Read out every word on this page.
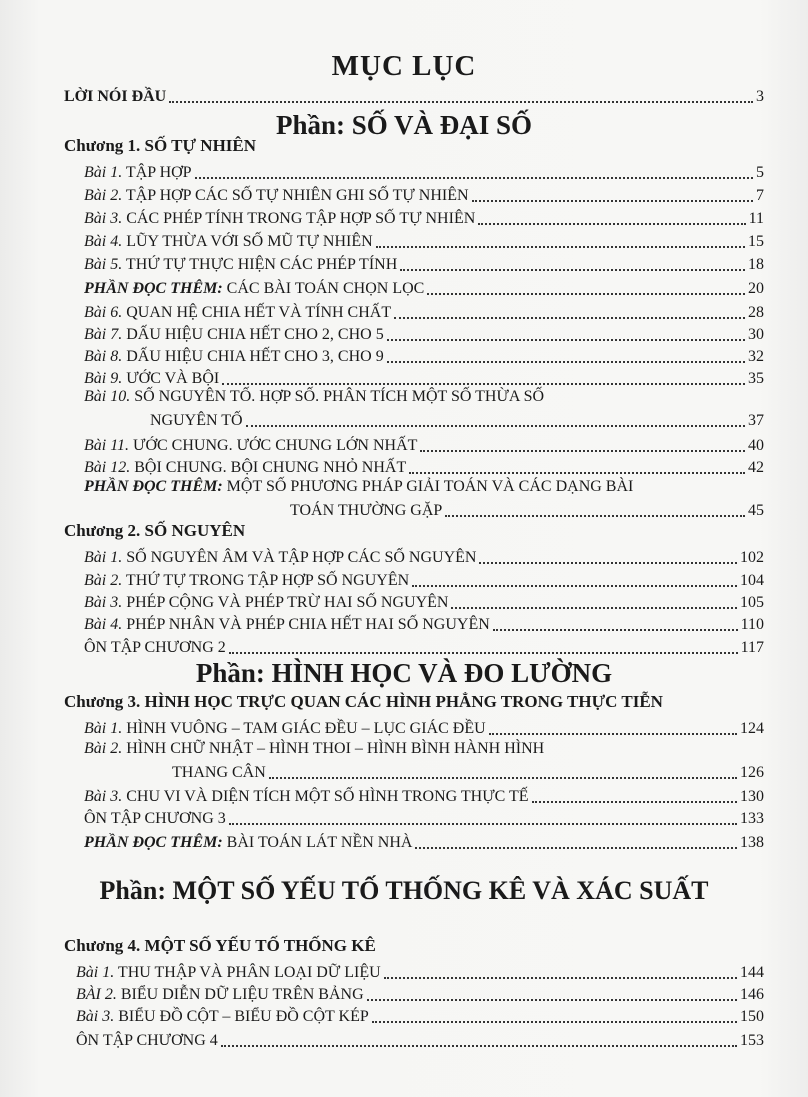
MỤC LỤC
LỜI NÓI ĐẦU	3
Phần: SỐ VÀ ĐẠI SỐ
Chương 1. SỐ TỰ NHIÊN
Bài 1. TẬP HỢP	5
Bài 2. TẬP HỢP CÁC SỐ TỰ NHIÊN GHI SỐ TỰ NHIÊN	7
Bài 3. CÁC PHÉP TÍNH TRONG TẬP HỢP SỐ TỰ NHIÊN	11
Bài 4. LŨY THỪA VỚI SỐ MŨ TỰ NHIÊN	15
Bài 5. THỨ TỰ THỰC HIỆN CÁC PHÉP TÍNH	18
PHẦN ĐỌC THÊM: CÁC BÀI TOÁN CHỌN LỌC	20
Bài 6. QUAN HỆ CHIA HẾT VÀ TÍNH CHẤT	28
Bài 7. DẤU HIỆU CHIA HẾT CHO 2, CHO 5	30
Bài 8. DẤU HIỆU CHIA HẾT CHO 3, CHO 9	32
Bài 9. ƯỚC VÀ BỘI	35
Bài 10. SỐ NGUYÊN TỐ. HỢP SỐ. PHÂN TÍCH MỘT SỐ THỪA SỐ
NGUYÊN TỐ	37
Bài 11. ƯỚC CHUNG. ƯỚC CHUNG LỚN NHẤT	40
Bài 12. BỘI CHUNG. BỘI CHUNG NHỎ NHẤT	42
PHẦN ĐỌC THÊM: MỘT SỐ PHƯƠNG PHÁP GIẢI TOÁN VÀ CÁC DẠNG BÀI
TOÁN THƯỜNG GẶP	45
Chương 2. SỐ NGUYÊN
Bài 1. SỐ NGUYÊN ÂM VÀ TẬP HỢP CÁC SỐ NGUYÊN	102
Bài 2. THỨ TỰ TRONG TẬP HỢP SỐ NGUYÊN	104
Bài 3. PHÉP CỘNG VÀ PHÉP TRỪ HAI SỐ NGUYÊN	105
Bài 4. PHÉP NHÂN VÀ PHÉP CHIA HẾT HAI SỐ NGUYÊN	110
ÔN TẬP CHƯƠNG 2	117
Phần: HÌNH HỌC VÀ ĐO LƯỜNG
Chương 3. HÌNH HỌC TRỰC QUAN CÁC HÌNH PHẲNG TRONG THỰC TIỄN
Bài 1. HÌNH VUÔNG – TAM GIÁC ĐỀU – LỤC GIÁC ĐỀU	124
Bài 2. HÌNH CHỮ NHẬT – HÌNH THOI – HÌNH BÌNH HÀNH HÌNH
THANG CÂN	126
Bài 3. CHU VI VÀ DIỆN TÍCH MỘT SỐ HÌNH TRONG THỰC TẾ	130
ÔN TẬP CHƯƠNG 3	133
PHẦN ĐỌC THÊM: BÀI TOÁN LÁT NỀN NHÀ	138
Phần: MỘT SỐ YẾU TỐ THỐNG KÊ VÀ XÁC SUẤT
Chương 4. MỘT SỐ YẾU TỐ THỐNG KÊ
Bài 1. THU THẬP VÀ PHÂN LOẠI DỮ LIỆU	144
BÀI 2. BIỂU DIỄN DỮ LIỆU TRÊN BẢNG	146
Bài 3. BIỂU ĐỒ CỘT – BIỂU ĐỒ CỘT KÉP	150
ÔN TẬP CHƯƠNG 4	153
